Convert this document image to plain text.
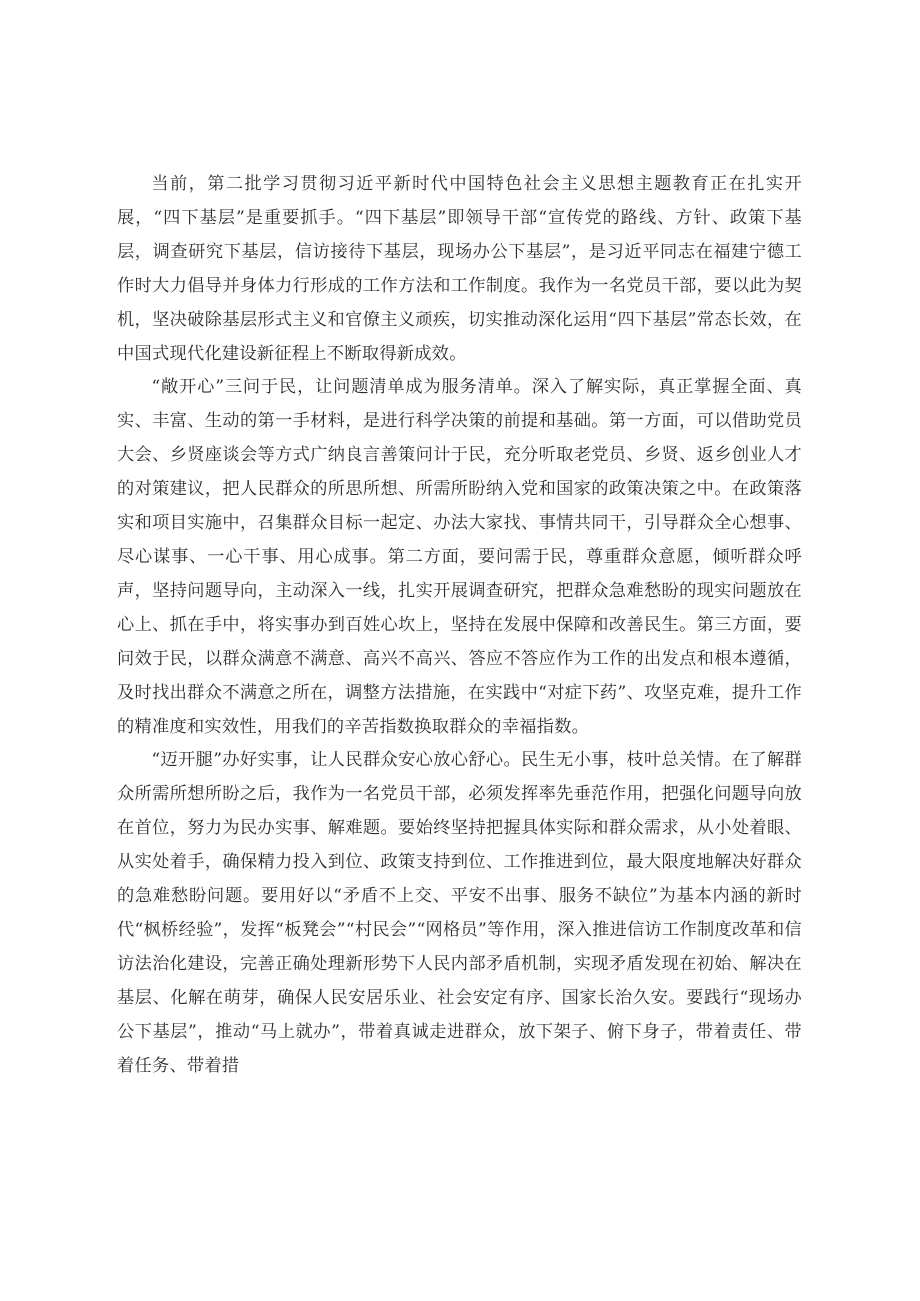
当前，第二批学习贯彻习近平新时代中国特色社会主义思想主题教育正在扎实开展，“四下基层”是重要抓手。“四下基层”即领导干部“宣传党的路线、方针、政策下基层，调查研究下基层，信访接待下基层，现场办公下基层”，是习近平同志在福建宁德工作时大力倡导并身体力行形成的工作方法和工作制度。我作为一名党员干部，要以此为契机，坚决破除基层形式主义和官僚主义顽疾，切实推动深化运用“四下基层”常态长效，在中国式现代化建设新征程上不断取得新成效。

“敞开心”三问于民，让问题清单成为服务清单。深入了解实际，真正掌握全面、真实、丰富、生动的第一手材料，是进行科学决策的前提和基础。第一方面，可以借助党员大会、乡贤座谈会等方式广纳良言善策问计于民，充分听取老党员、乡贤、返乡创业人才的对策建议，把人民群众的所思所想、所需所盼纳入党和国家的政策决策之中。在政策落实和项目实施中，召集群众目标一起定、办法大家找、事情共同干，引导群众全心想事、尽心谋事、一心干事、用心成事。第二方面，要问需于民，尊重群众意愿，倾听群众呼声，坚持问题导向，主动深入一线，扎实开展调查研究，把群众急难愁盼的现实问题放在心上、抓在手中，将实事办到百姓心坎上，坚持在发展中保障和改善民生。第三方面，要问效于民，以群众满意不满意、高兴不高兴、答应不答应作为工作的出发点和根本遵循，及时找出群众不满意之所在，调整方法措施，在实践中“对症下药”、攻坚克难，提升工作的精准度和实效性，用我们的辛苦指数换取群众的幸福指数。

“迈开腿”办好实事，让人民群众安心放心舒心。民生无小事，枝叶总关情。在了解群众所需所想所盼之后，我作为一名党员干部，必须发挥率先垂范作用，把强化问题导向放在首位，努力为民办实事、解难题。要始终坚持把握具体实际和群众需求，从小处着眼、从实处着手，确保精力投入到位、政策支持到位、工作推进到位，最大限度地解决好群众的急难愁盼问题。要用好以“矛盾不上交、平安不出事、服务不缺位”为基本内涵的新时代“枫桥经验”，发挥“板凳会”“村民会”“网格员”等作用，深入推进信访工作制度改革和信访法治化建设，完善正确处理新形势下人民内部矛盾机制，实现矛盾发现在初始、解决在基层、化解在萌芽，确保人民安居乐业、社会安定有序、国家长治久安。要践行“现场办公下基层”，推动“马上就办”，带着真诚走进群众，放下架子、俯下身子，带着责任、带着任务、带着措
